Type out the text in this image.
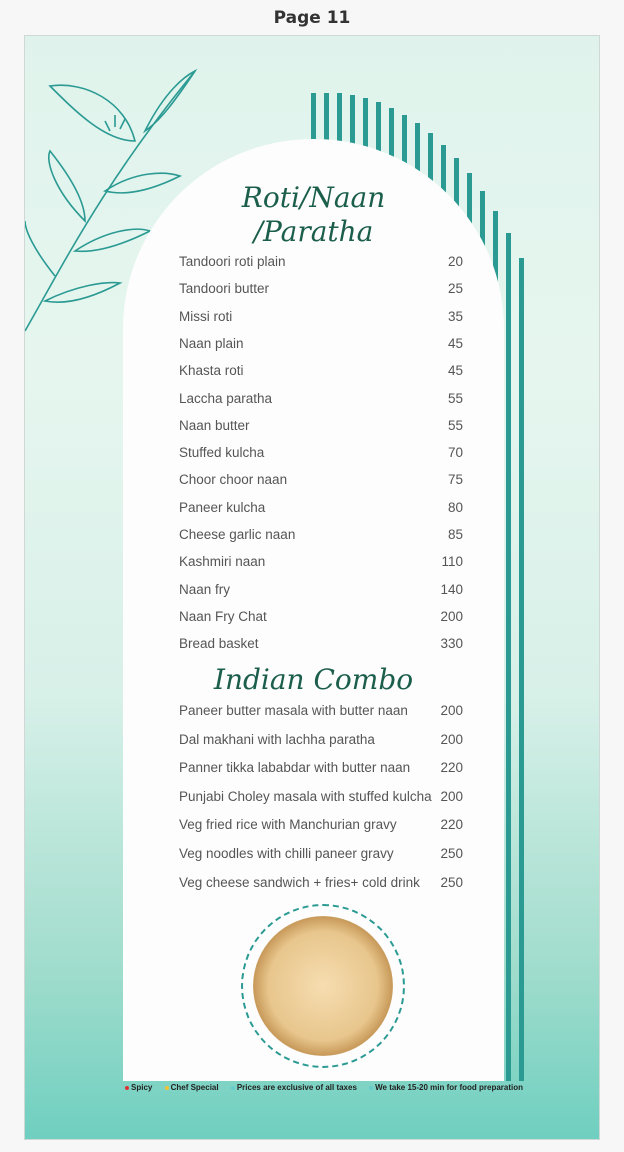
Page 11
Roti/Naan
/Paratha
Tandoori roti plain	20
Tandoori butter	25
Missi roti	35
Naan plain	45
Khasta roti	45
Laccha paratha	55
Naan butter	55
Stuffed kulcha	70
Choor choor naan	75
Paneer kulcha	80
Cheese garlic naan	85
Kashmiri naan	110
Naan fry	140
Naan Fry Chat	200
Bread basket	330
Indian Combo
Paneer butter masala with butter naan 200
Dal makhani with lachha paratha	200
Panner tikka lababdar with butter naan 220
Punjabi Choley masala with stuffed kulcha 200
Veg fried rice with Manchurian gravy	220
Veg noodles with chilli paneer gravy	250
Veg cheese sandwich + fries+ cold drink 250
Spicy Chef Special Prices are exclusive of all taxes We take 15-20 min for food preparation
